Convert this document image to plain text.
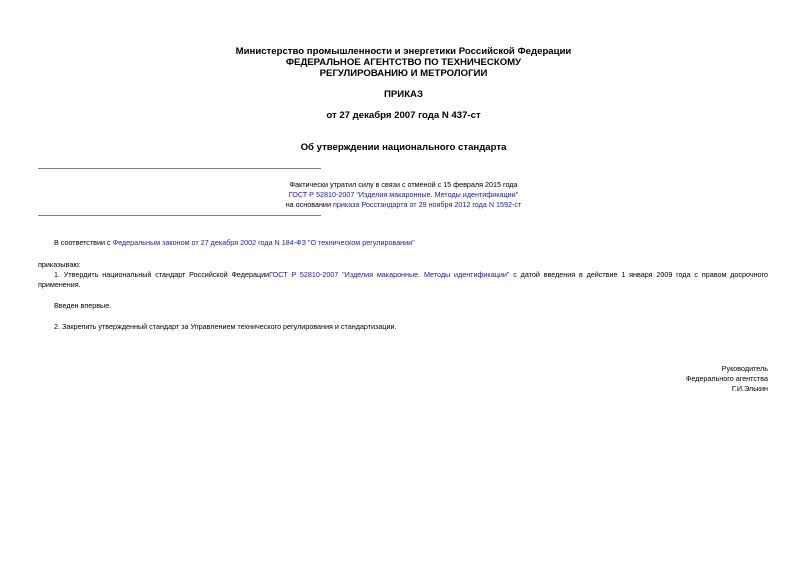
Министерство промышленности и энергетики Российской Федерации
ФЕДЕРАЛЬНОЕ АГЕНТСТВО ПО ТЕХНИЧЕСКОМУ
РЕГУЛИРОВАНИЮ И МЕТРОЛОГИИ
ПРИКАЗ
от 27 декабря 2007 года N 437-ст
Об утверждении национального стандарта
Фактически утратил силу в связи с отменой с 15 февраля 2015 года
ГОСТ Р 52810-2007 "Изделия макаронные. Методы идентификации"
на основании приказа Росстандарта от 29 ноября 2012 года N 1592-ст
В соответствии с Федеральным законом от 27 декабря 2002 года N 184-ФЗ "О техническом регулировании"
приказываю:
1. Утвердить национальный стандарт Российской ФедерацииГОСТ Р 52810-2007 "Изделия макаронные. Методы идентификации" с датой введения в действие 1 января 2009 года с правом досрочного
применения.
Введен впервые.
2. Закрепить утвержденный стандарт за Управлением технического регулирования и стандартизации.
Руководитель
Федерального агентства
Г.И.Элькин
